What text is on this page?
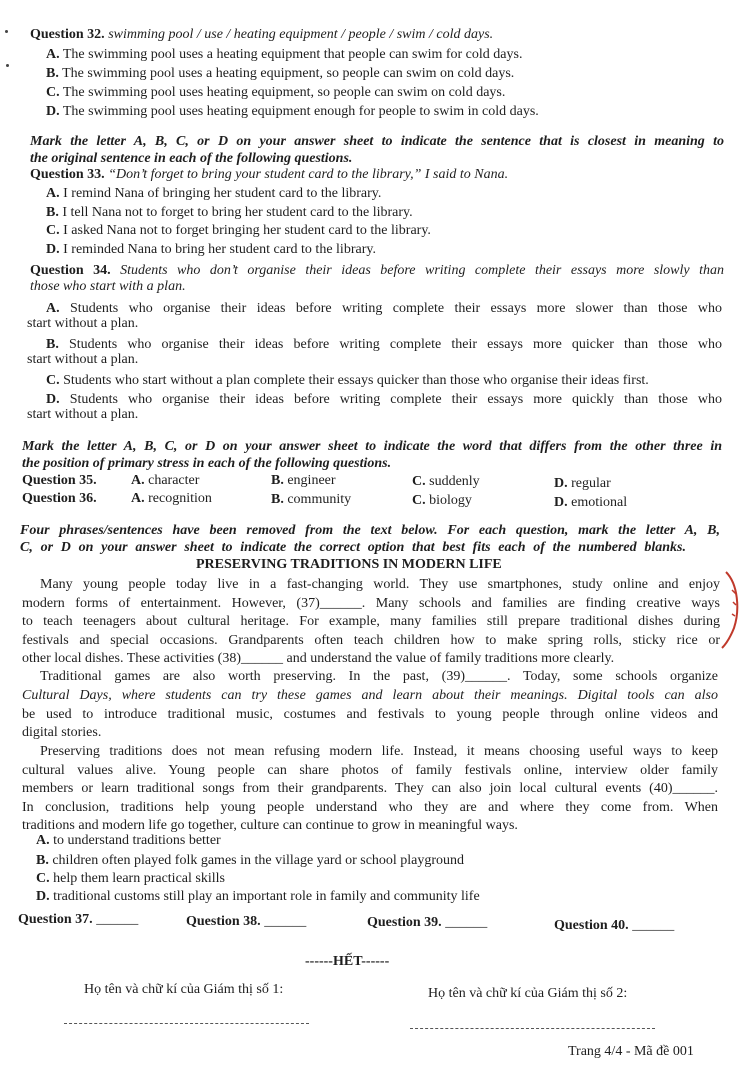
Question 32. swimming pool / use / heating equipment / people / swim / cold days.
A. The swimming pool uses a heating equipment that people can swim for cold days.
B. The swimming pool uses a heating equipment, so people can swim on cold days.
C. The swimming pool uses heating equipment, so people can swim on cold days.
D. The swimming pool uses heating equipment enough for people to swim in cold days.
Mark the letter A, B, C, or D on your answer sheet to indicate the sentence that is closest in meaning to
the original sentence in each of the following questions.
Question 33. “Don’t forget to bring your student card to the library,” I said to Nana.
A. I remind Nana of bringing her student card to the library.
B. I tell Nana not to forget to bring her student card to the library.
C. I asked Nana not to forget bringing her student card to the library.
D. I reminded Nana to bring her student card to the library.
Question 34. Students who don’t organise their ideas before writing complete their essays more slowly than
those who start with a plan.
A. Students who organise their ideas before writing complete their essays more slower than those who
start without a plan.
B. Students who organise their ideas before writing complete their essays more quicker than those who
start without a plan.
C. Students who start without a plan complete their essays quicker than those who organise their ideas first.
D. Students who organise their ideas before writing complete their essays more quickly than those who
start without a plan.
Mark the letter A, B, C, or D on your answer sheet to indicate the word that differs from the other three in
the position of primary stress in each of the following questions.
Question 35. A. character	B. engineer	C. suddenly	D. regular
Question 36. A. recognition	B. community	C. biology	D. emotional
Four phrases/sentences have been removed from the text below. For each question, mark the letter A, B,
C, or D on your answer sheet to indicate the correct option that best fits each of the numbered blanks.
PRESERVING TRADITIONS IN MODERN LIFE
Many young people today live in a fast-changing world. They use smartphones, study online and enjoy
modern forms of entertainment. However, (37)______. Many schools and families are finding creative ways
to teach teenagers about cultural heritage. For example, many families still prepare traditional dishes during
festivals and special occasions. Grandparents often teach children how to make spring rolls, sticky rice or
other local dishes. These activities (38)______ and understand the value of family traditions more clearly.
Traditional games are also worth preserving. In the past, (39)______. Today, some schools organize
Cultural Days, where students can try these games and learn about their meanings. Digital tools can also
be used to introduce traditional music, costumes and festivals to young people through online videos and
digital stories.
Preserving traditions does not mean refusing modern life. Instead, it means choosing useful ways to keep
cultural values alive. Young people can share photos of family festivals online, interview older family
members or learn traditional songs from their grandparents. They can also join local cultural events (40)______.
In conclusion, traditions help young people understand who they are and where they come from. When
traditions and modern life go together, culture can continue to grow in meaningful ways.
A. to understand traditions better
B. children often played folk games in the village yard or school playground
C. help them learn practical skills
D. traditional customs still play an important role in family and community life
Question 37. ______	Question 38. ______	Question 39. ______	Question 40. ______
------HẾT------
Họ tên và chữ kí của Giám thị số 1:	Họ tên và chữ kí của Giám thị số 2:
Trang 4/4 - Mã đề 001
